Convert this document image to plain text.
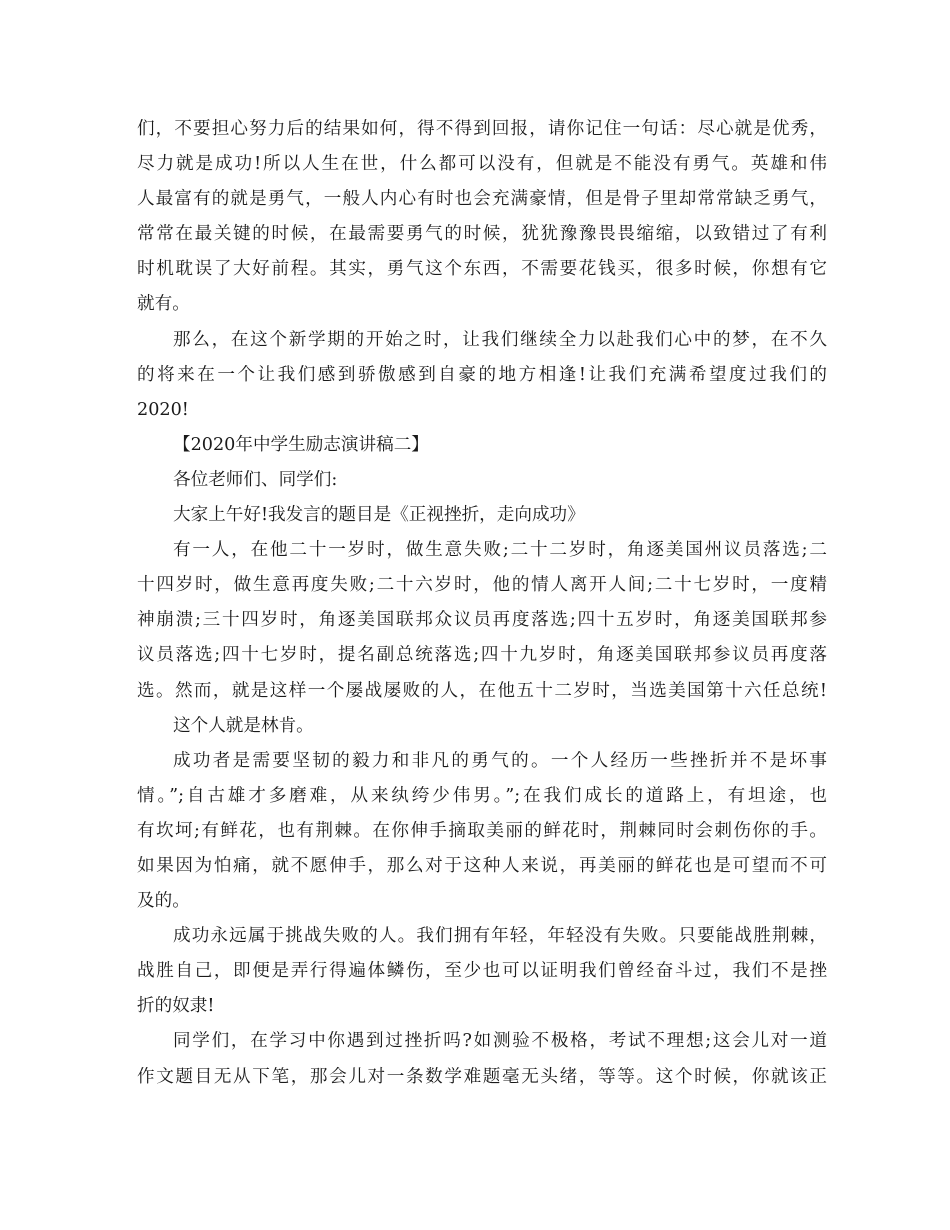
们，不要担心努力后的结果如何，得不得到回报，请你记住一句话：尽心就是优秀，
尽力就是成功!所以人生在世，什么都可以没有，但就是不能没有勇气。英雄和伟
人最富有的就是勇气，一般人内心有时也会充满豪情，但是骨子里却常常缺乏勇气，
常常在最关键的时候，在最需要勇气的时候，犹犹豫豫畏畏缩缩，以致错过了有利
时机耽误了大好前程。其实，勇气这个东西，不需要花钱买，很多时候，你想有它
就有。
那么，在这个新学期的开始之时，让我们继续全力以赴我们心中的梦，在不久
的将来在一个让我们感到骄傲感到自豪的地方相逢!让我们充满希望度过我们的
2020!
【2020年中学生励志演讲稿二】
各位老师们、同学们:
大家上午好!我发言的题目是《正视挫折，走向成功》
有一人，在他二十一岁时，做生意失败;二十二岁时，角逐美国州议员落选;二
十四岁时，做生意再度失败;二十六岁时，他的情人离开人间;二十七岁时，一度精
神崩溃;三十四岁时，角逐美国联邦众议员再度落选;四十五岁时，角逐美国联邦参
议员落选;四十七岁时，提名副总统落选;四十九岁时，角逐美国联邦参议员再度落
选。然而，就是这样一个屡战屡败的人，在他五十二岁时，当选美国第十六任总统!
这个人就是林肯。
成功者是需要坚韧的毅力和非凡的勇气的。一个人经历一些挫折并不是坏事
情。”;自古雄才多磨难，从来纨绔少伟男。”;在我们成长的道路上，有坦途，也
有坎坷;有鲜花，也有荆棘。在你伸手摘取美丽的鲜花时，荆棘同时会刺伤你的手。
如果因为怕痛，就不愿伸手，那么对于这种人来说，再美丽的鲜花也是可望而不可
及的。
成功永远属于挑战失败的人。我们拥有年轻，年轻没有失败。只要能战胜荆棘，
战胜自己，即便是弄行得遍体鳞伤，至少也可以证明我们曾经奋斗过，我们不是挫
折的奴隶!
同学们，在学习中你遇到过挫折吗?如测验不极格，考试不理想;这会儿对一道
作文题目无从下笔，那会儿对一条数学难题毫无头绪，等等。这个时候，你就该正
